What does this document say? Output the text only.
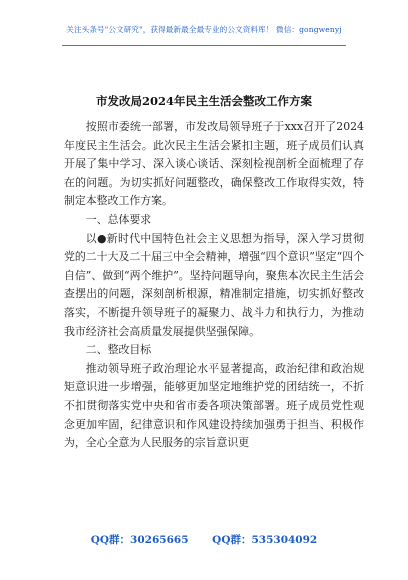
关注头条号"公文研究"，获得最新最全最专业的公文资料库！ 微信：gongwenyj
市发改局2024年民主生活会整改工作方案

按照市委统一部署，市发改局领导班子于xxx召开了2024年度民主生活会。此次民主生活会紧扣主题，班子成员们认真开展了集中学习、深入谈心谈话、深刻检视剖析全面梳理了存在的问题。为切实抓好问题整改，确保整改工作取得实效，特制定本整改工作方案。

一、总体要求

以●新时代中国特色社会主义思想为指导，深入学习贯彻党的二十大及二十届三中全会精神，增强“四个意识”坚定“四个自信”、做到“两个维护”。坚持问题导向，聚焦本次民主生活会查摆出的问题，深刻剖析根源，精准制定措施，切实抓好整改落实，不断提升领导班子的凝聚力、战斗力和执行力，为推动我市经济社会高质量发展提供坚强保障。

二、整改目标

推动领导班子政治理论水平显著提高，政治纪律和政治规矩意识进一步增强，能够更加坚定地维护党的团结统一，不折不扣贯彻落实党中央和省市委各项决策部署。班子成员党性观念更加牢固，纪律意识和作风建设持续加强勇于担当、积极作为，全心全意为人民服务的宗旨意识更

QQ群：30265665 QQ群：535304092
